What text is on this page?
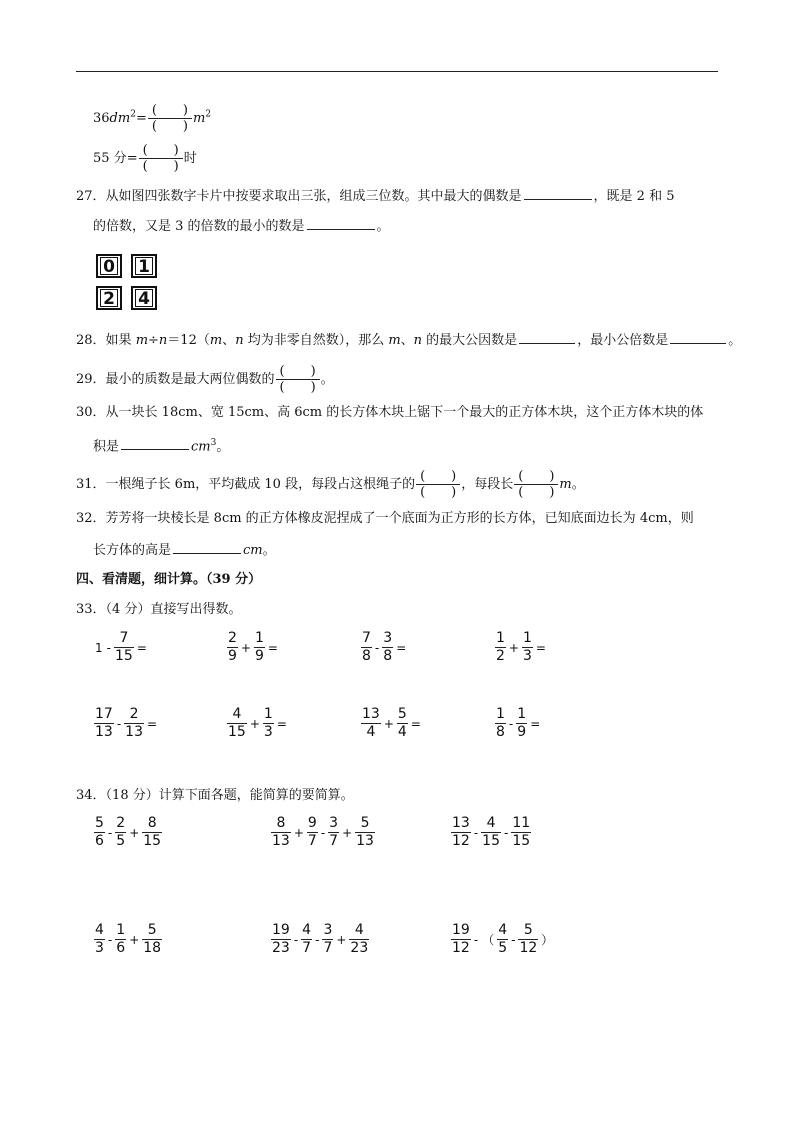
$36dm^2= \frac{( )}{( )} m^2$
55 分= $\frac{( )}{( )}$ 时
27．从如图四张数字卡片中按要求取出三张，组成三位数。其中最大的偶数是	，既是 2 和 5
的倍数，又是 3 的倍数的最小的数是	。
0 1
2 4
28．如果 m÷n＝12（m、n 均为非零自然数），那么 m、n 的最大公因数是	，最小公倍数是	。
29．最小的质数是最大两位偶数的 $\frac{( )}{( )}$ 。
30．从一块长 18cm、宽 15cm、高 6cm 的长方体木块上锯下一个最大的正方体木块，这个正方体木块的体
积是	$cm^3$。
31．一根绳子长 6m，平均截成 10 段，每段占这根绳子的 $\frac{( )}{( )}$ ，每段长 $\frac{( )}{( )}$ m。
32．芳芳将一块棱长是 8cm 的正方体橡皮泥捏成了一个底面为正方形的长方体，已知底面边长为 4cm，则
长方体的高是	cm。
四、看清题，细计算。（39 分）
33．（4 分）直接写出得数。
34．（18 分）计算下面各题，能简算的要简算。
$1 - \frac{7}{15}$ =	$\frac{2}{9} + \frac{1}{9}$ =	$\frac{7}{8} - \frac{3}{8}$ =	$\frac{1}{2} + \frac{1}{3}$ =
$\frac{17}{13} - \frac{2}{13}$ =	$\frac{4}{15} + \frac{1}{3}$ =	$\frac{13}{4} + \frac{5}{4}$ =	$\frac{1}{8} - \frac{1}{9}$ =
$\frac{5}{6} - \frac{2}{5} + \frac{8}{15}$	$\frac{8}{13} + \frac{9}{7} - \frac{3}{7} + \frac{5}{13}$	$\frac{13}{12} - \frac{4}{15} - \frac{11}{15}$
$\frac{4}{3} - \frac{1}{6} + \frac{5}{18}$	$\frac{19}{23} - \frac{4}{7} - \frac{3}{7} + \frac{4}{23}$	$\frac{19}{12}$ - （ $\frac{4}{5} - \frac{5}{12}$ ）
